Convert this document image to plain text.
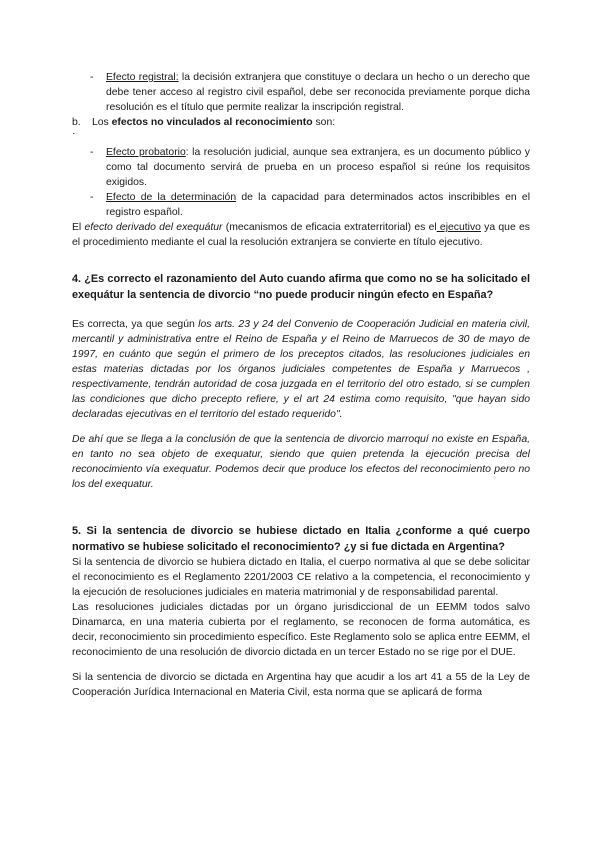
- Efecto registral: la decisión extranjera que constituye o declara un hecho o un derecho que debe tener acceso al registro civil español, debe ser reconocida previamente porque dicha resolución es el título que permite realizar la inscripción registral.
b. Los efectos no vinculados al reconocimiento son:
·
- Efecto probatorio: la resolución judicial, aunque sea extranjera, es un documento público y como tal documento servirá de prueba en un proceso español si reúne los requisitos exigidos.
- Efecto de la determinación de la capacidad para determinados actos inscribibles en el registro español.

El efecto derivado del exequátur (mecanismos de eficacia extraterritorial) es el ejecutivo ya que es el procedimiento mediante el cual la resolución extranjera se convierte en título ejecutivo.

4. ¿Es correcto el razonamiento del Auto cuando afirma que como no se ha solicitado el exequátur la sentencia de divorcio “no puede producir ningún efecto en España?

Es correcta, ya que según los arts. 23 y 24 del Convenio de Cooperación Judicial en materia civil, mercantil y administrativa entre el Reino de España y el Reino de Marruecos de 30 de mayo de 1997, en cuánto que según el primero de los preceptos citados, las resoluciones judiciales en estas materias dictadas por los órganos judiciales competentes de España y Marruecos , respectivamente, tendrán autoridad de cosa juzgada en el territorio del otro estado, si se cumplen las condiciones que dicho precepto refiere, y el art 24 estima como requisito, "que hayan sido declaradas ejecutivas en el territorio del estado requerido".

De ahí que se llega a la conclusión de que la sentencia de divorcio marroquí no existe en España, en tanto no sea objeto de exequatur, siendo que quien pretenda la ejecución precisa del reconocimiento vía exequatur. Podemos decir que produce los efectos del reconocimiento pero no los del exequatur.

5. Si la sentencia de divorcio se hubiese dictado en Italia ¿conforme a qué cuerpo normativo se hubiese solicitado el reconocimiento? ¿y si fue dictada en Argentina?

Si la sentencia de divorcio se hubiera dictado en Italia, el cuerpo normativa al que se debe solicitar el reconocimiento es el Reglamento 2201/2003 CE relativo a la competencia, el reconocimiento y la ejecución de resoluciones judiciales en materia matrimonial y de responsabilidad parental.

Las resoluciones judiciales dictadas por un órgano jurisdiccional de un EEMM todos salvo Dinamarca, en una materia cubierta por el reglamento, se reconocen de forma automática, es decir, reconocimiento sin procedimiento específico. Este Reglamento solo se aplica entre EEMM, el reconocimiento de una resolución de divorcio dictada en un tercer Estado no se rige por el DUE.

Si la sentencia de divorcio se dictada en Argentina hay que acudir a los art 41 a 55 de la Ley de Cooperación Jurídica Internacional en Materia Civil, esta norma que se aplicará de forma
